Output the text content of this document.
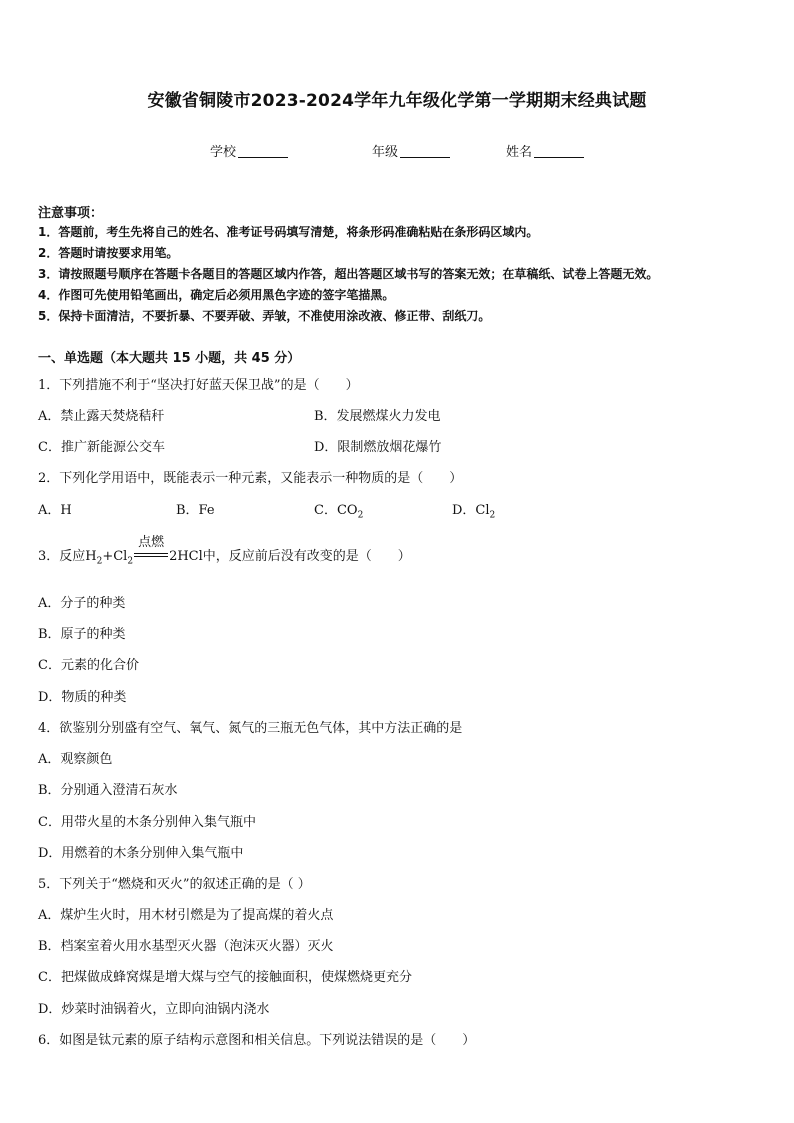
安徽省铜陵市2023-2024学年九年级化学第一学期期末经典试题
学校	年级	姓名
注意事项：
1．答题前，考生先将自己的姓名、准考证号码填写清楚，将条形码准确粘贴在条形码区域内。
2．答题时请按要求用笔。
3．请按照题号顺序在答题卡各题目的答题区域内作答，超出答题区域书写的答案无效；在草稿纸、试卷上答题无效。
4．作图可先使用铅笔画出，确定后必须用黑色字迹的签字笔描黑。
5．保持卡面清洁，不要折暴、不要弄破、弄皱，不准使用涂改液、修正带、刮纸刀。
一、单选题（本大题共 15 小题，共 45 分）
1．下列措施不利于“坚决打好蓝天保卫战”的是（　　）
A．禁止露天焚烧秸秆	B．发展燃煤火力发电
C．推广新能源公交车	D．限制燃放烟花爆竹
2．下列化学用语中，既能表示一种元素，又能表示一种物质的是（　　）
A．H	B．Fe	C．$CO_2$	D．$Cl_2$
3．反应$H_2+Cl_2$
点燃
2HCl中，反应前后没有改变的是（　　）
A．分子的种类
B．原子的种类
C．元素的化合价
D．物质的种类
4．欲鉴别分别盛有空气、氧气、氮气的三瓶无色气体，其中方法正确的是
A．观察颜色
B．分别通入澄清石灰水
C．用带火星的木条分别伸入集气瓶中
D．用燃着的木条分别伸入集气瓶中
5．下列关于“燃烧和灭火”的叙述正确的是（ ）
A．煤炉生火时，用木材引燃是为了提高煤的着火点
B．档案室着火用水基型灭火器（泡沫灭火器）灭火
C．把煤做成蜂窝煤是增大煤与空气的接触面积，使煤燃烧更充分
D．炒菜时油锅着火，立即向油锅内浇水
6．如图是钛元素的原子结构示意图和相关信息。下列说法错误的是（　　）
